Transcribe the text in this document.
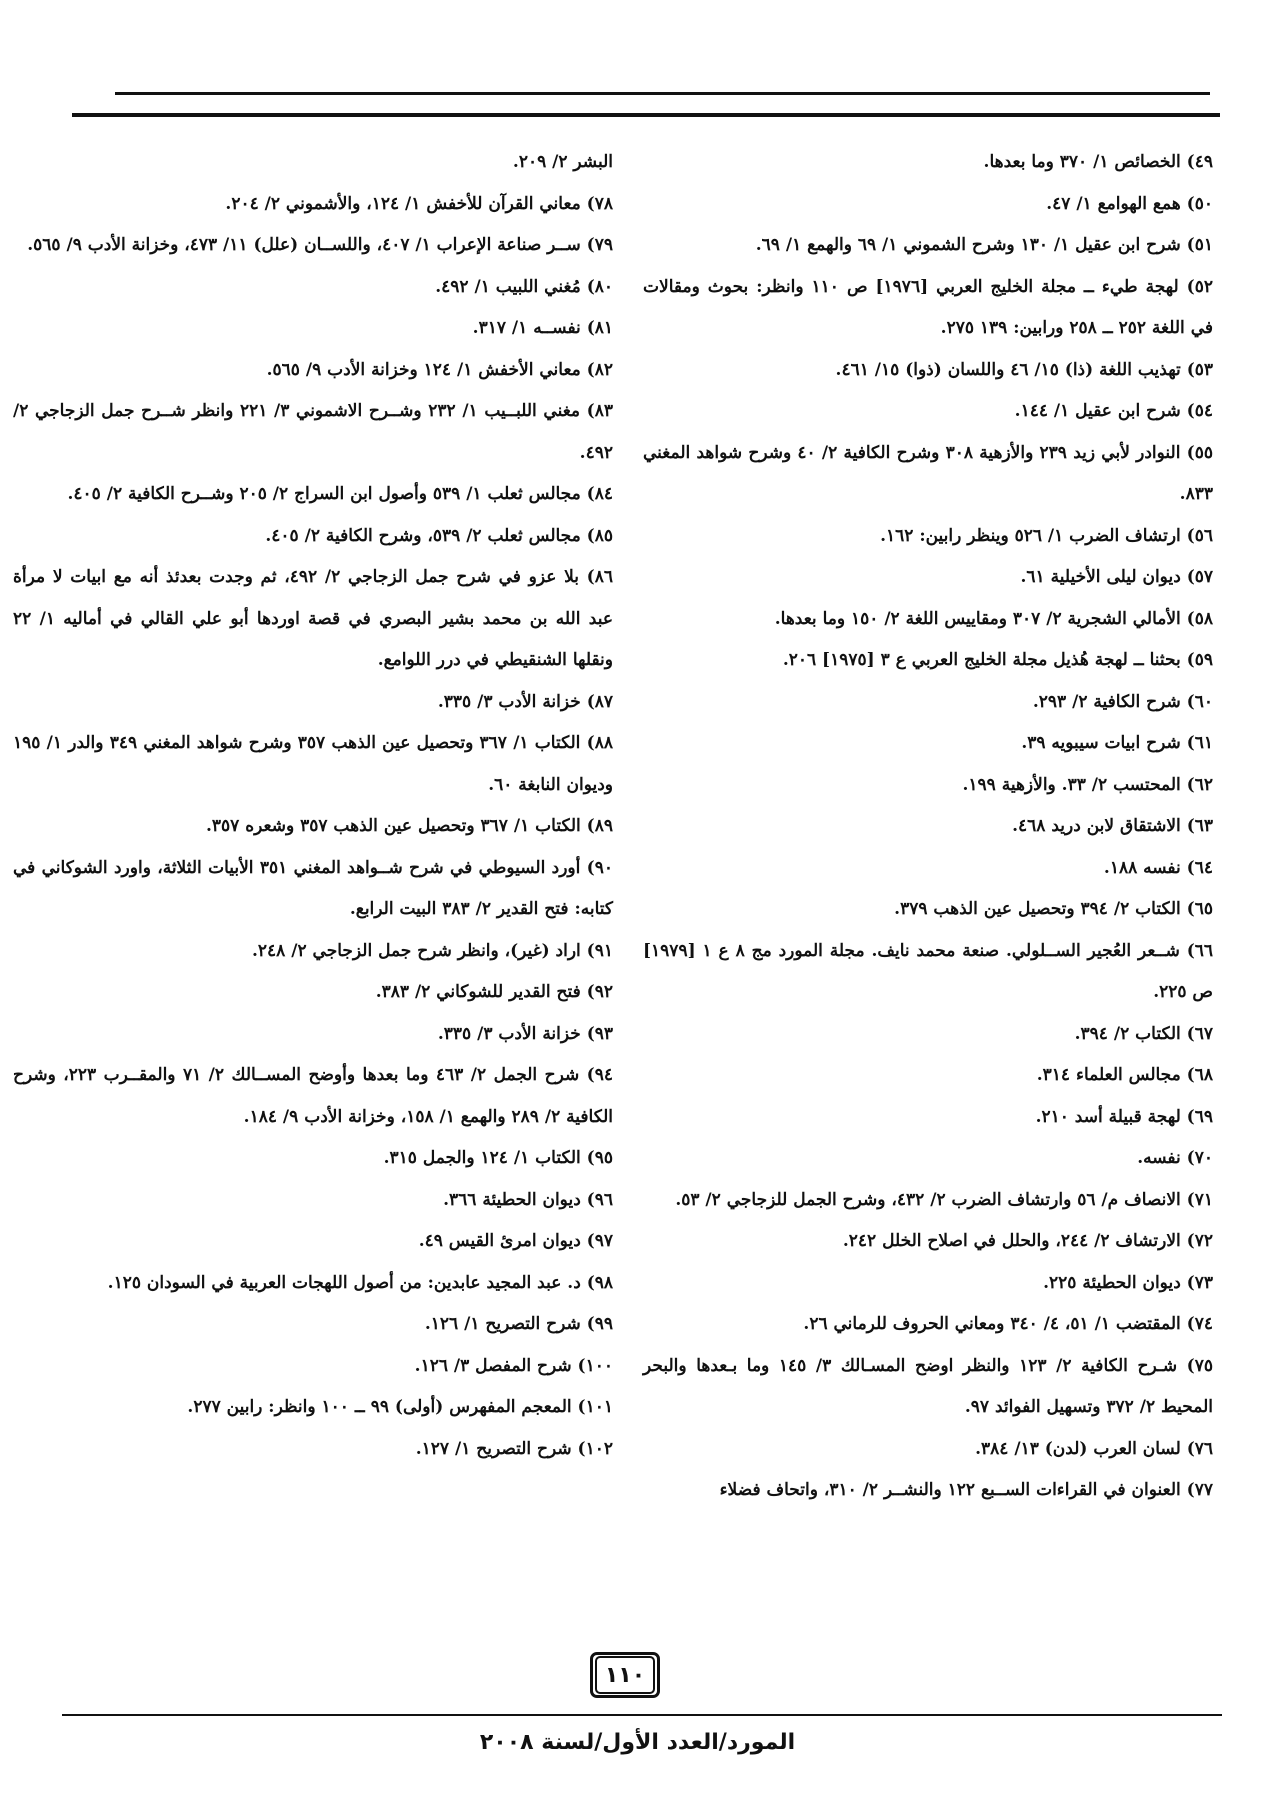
٤٩) الخصائص ١/ ٣٧٠ وما بعدها.

٥٠) همع الهوامع ١/ ٤٧.

٥١) شرح ابن عقيل ١/ ١٣٠ وشرح الشموني ١/ ٦٩ والهمع ١/ ٦٩.

٥٢) لهجة طيء ــ مجلة الخليج العربي [١٩٧٦] ص ١١٠ وانظر: بحوث ومقالات في اللغة ٢٥٢ ــ ٢٥٨ ورابين: ١٣٩ ٢٧٥.

٥٣) تهذيب اللغة (ذا) ١٥/ ٤٦ واللسان (ذوا) ١٥/ ٤٦١.

٥٤) شرح ابن عقيل ١/ ١٤٤.

٥٥) النوادر لأبي زيد ٢٣٩ والأزهية ٣٠٨ وشرح الكافية ٢/ ٤٠ وشرح شواهد المغني ٨٣٣.

٥٦) ارتشاف الضرب ١/ ٥٢٦ وينظر رابين: ١٦٢.

٥٧) ديوان ليلى الأخيلية ٦١.

٥٨) الأمالي الشجرية ٢/ ٣٠٧ ومقاييس اللغة ٢/ ١٥٠ وما بعدها.

٥٩) بحثنا ــ لهجة هُذيل مجلة الخليج العربي ع ٣ [١٩٧٥] ٢٠٦.

٦٠) شرح الكافية ٢/ ٢٩٣.

٦١) شرح ابيات سيبويه ٣٩.

٦٢) المحتسب ٢/ ٣٣. والأزهية ١٩٩.

٦٣) الاشتقاق لابن دريد ٤٦٨.

٦٤) نفسه ١٨٨.

٦٥) الكتاب ٢/ ٣٩٤ وتحصيل عين الذهب ٣٧٩.

٦٦) شــعر العُجير الســلولي. صنعة محمد نايف. مجلة المورد مج ٨ ع ١ [١٩٧٩] ص ٢٢٥.

٦٧) الكتاب ٢/ ٣٩٤.

٦٨) مجالس العلماء ٣١٤.

٦٩) لهجة قبيلة أسد ٢١٠.

٧٠) نفسه.

٧١) الانصاف م/ ٥٦ وارتشاف الضرب ٢/ ٤٣٢، وشرح الجمل للزجاجي ٢/ ٥٣.

٧٢) الارتشاف ٢/ ٢٤٤، والحلل في اصلاح الخلل ٢٤٢.

٧٣) ديوان الحطيئة ٢٢٥.

٧٤) المقتضب ١/ ٥١، ٤/ ٣٤٠ ومعاني الحروف للرماني ٢٦.

٧٥) شـرح الكافية ٢/ ١٢٣ والنظر اوضح المسـالك ٣/ ١٤٥ وما بـعدها والبحر المحيط ٢/ ٣٧٢ وتسهيل الفوائد ٩٧.

٧٦) لسان العرب (لدن) ١٣/ ٣٨٤.

٧٧) العنوان في القراءات الســبع ١٢٢ والنشــر ٢/ ٣١٠، واتحاف فضلاء

البشر ٢/ ٢٠٩.

٧٨) معاني القرآن للأخفش ١/ ١٢٤، والأشموني ٢/ ٢٠٤.

٧٩) ســر صناعة الإعراب ١/ ٤٠٧، واللســان (علل) ١١/ ٤٧٣، وخزانة الأدب ٩/ ٥٦٥.

٨٠) مُغني اللبيب ١/ ٤٩٢.

٨١) نفســه ١/ ٣١٧.

٨٢) معاني الأخفش ١/ ١٢٤ وخزانة الأدب ٩/ ٥٦٥.

٨٣) مغني اللبــيب ١/ ٢٣٢ وشــرح الاشموني ٣/ ٢٢١ وانظر شــرح جمل الزجاجي ٢/ ٤٩٢.

٨٤) مجالس ثعلب ١/ ٥٣٩ وأصول ابن السراج ٢/ ٢٠٥ وشــرح الكافية ٢/ ٤٠٥.

٨٥) مجالس ثعلب ٢/ ٥٣٩، وشرح الكافية ٢/ ٤٠٥.

٨٦) بلا عزو في شرح جمل الزجاجي ٢/ ٤٩٢، ثم وجدت بعدئذ أنه مع ابيات لا مرأة عبد الله بن محمد بشير البصري في قصة اوردها أبو علي القالي في أماليه ١/ ٢٢ ونقلها الشنقيطي في درر اللوامع.

٨٧) خزانة الأدب ٣/ ٣٣٥.

٨٨) الكتاب ١/ ٣٦٧ وتحصيل عين الذهب ٣٥٧ وشرح شواهد المغني ٣٤٩ والدر ١/ ١٩٥ وديوان النابغة ٦٠.

٨٩) الكتاب ١/ ٣٦٧ وتحصيل عين الذهب ٣٥٧ وشعره ٣٥٧.

٩٠) أورد السيوطي في شرح شــواهد المغني ٣٥١ الأبيات الثلاثة، واورد الشوكاني في كتابه: فتح القدير ٢/ ٣٨٣ البيت الرابع.

٩١) اراد (غير)، وانظر شرح جمل الزجاجي ٢/ ٢٤٨.

٩٢) فتح القدير للشوكاني ٢/ ٣٨٣.

٩٣) خزانة الأدب ٣/ ٣٣٥.

٩٤) شرح الجمل ٢/ ٤٦٣ وما بعدها وأوضح المســالك ٢/ ٧١ والمقــرب ٢٢٣، وشرح الكافية ٢/ ٢٨٩ والهمع ١/ ١٥٨، وخزانة الأدب ٩/ ١٨٤.

٩٥) الكتاب ١/ ١٢٤ والجمل ٣١٥.

٩٦) ديوان الحطيئة ٣٦٦.

٩٧) ديوان امرئ القيس ٤٩.

٩٨) د. عبد المجيد عابدين: من أصول اللهجات العربية في السودان ١٢٥.

٩٩) شرح التصريح ١/ ١٢٦.

١٠٠) شرح المفصل ٣/ ١٢٦.

١٠١) المعجم المفهرس (أولى) ٩٩ ــ ١٠٠ وانظر: رابين ٢٧٧.

١٠٢) شرح التصريح ١/ ١٢٧.

١١٠
المورد/العدد الأول/لسنة ٢٠٠٨
